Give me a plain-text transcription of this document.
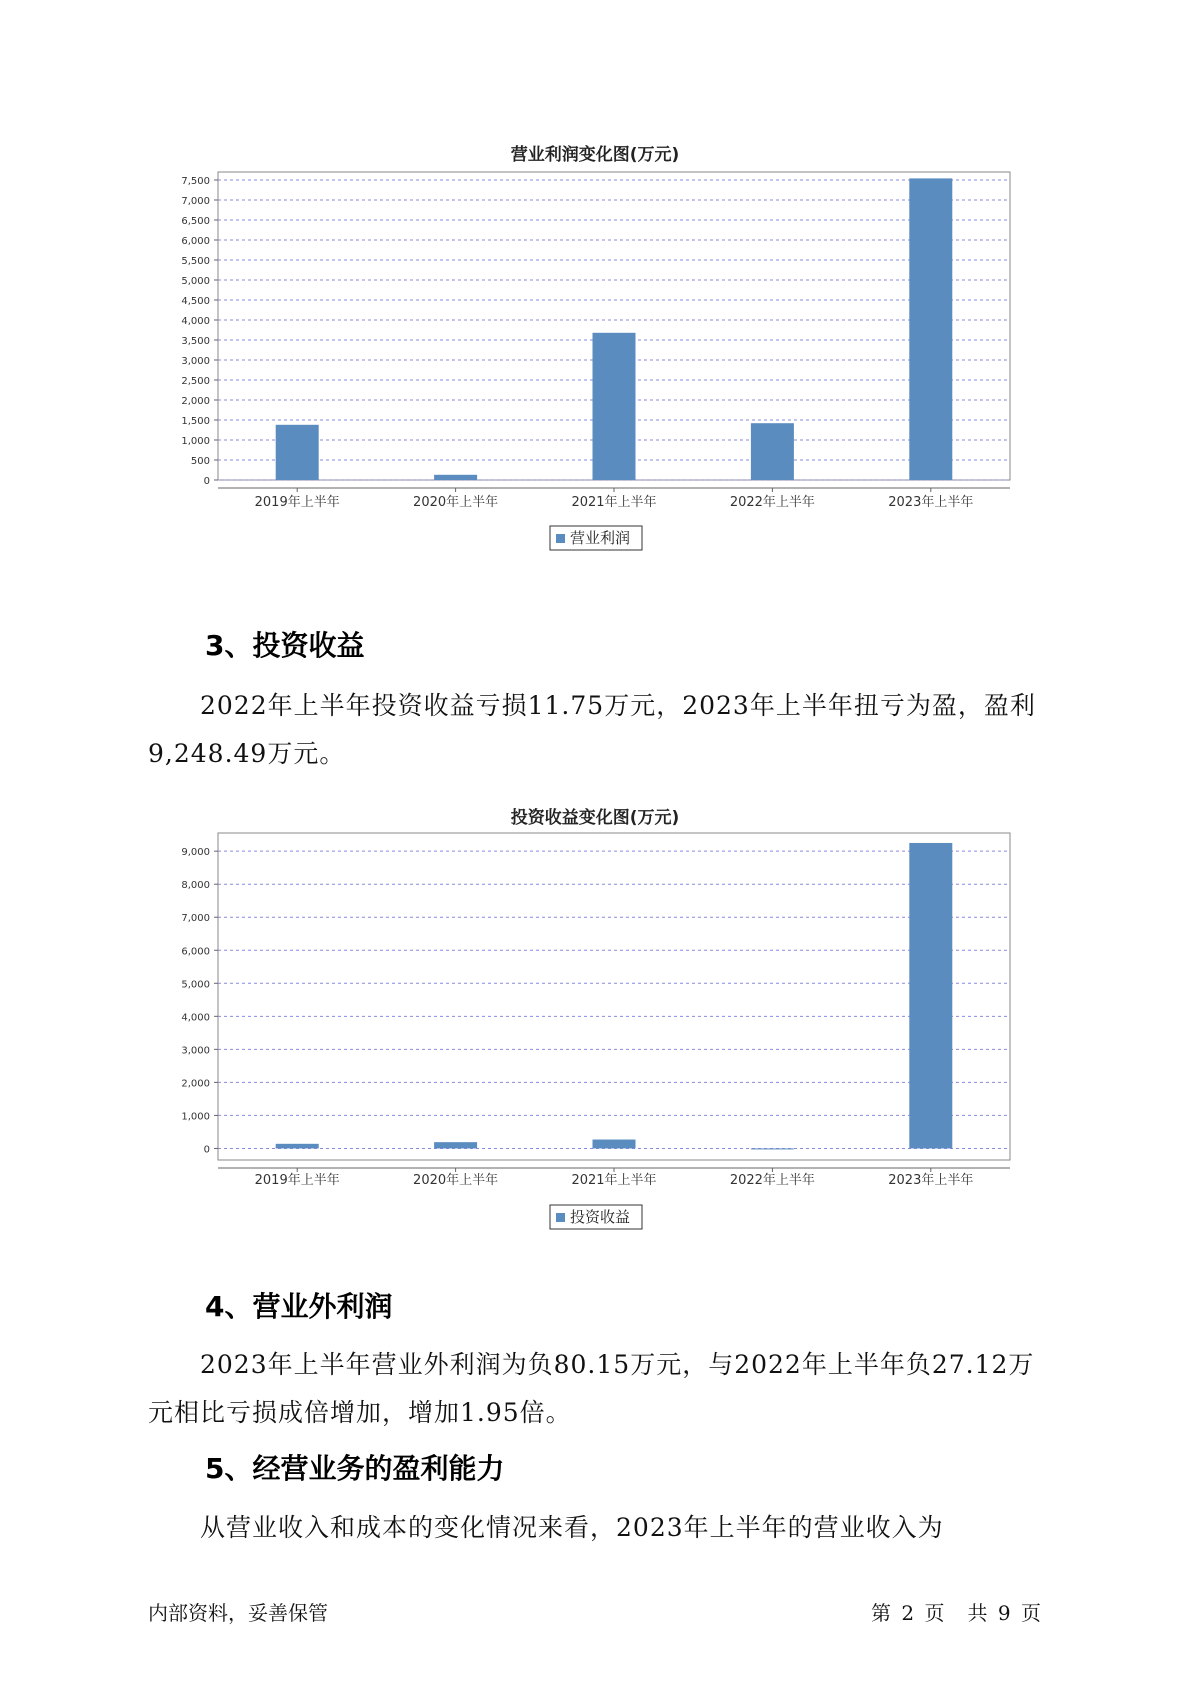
营业利润变化图(万元)
0
500
1,000
1,500
2,000
2,500
3,000
3,500
4,000
4,500
5,000
5,500
6,000
6,500
7,000
7,500
2019年上半年	2020年上半年	2021年上半年	2022年上半年	2023年上半年
营业利润
3、投资收益

2022年上半年投资收益亏损11.75万元，2023年上半年扭亏为盈，盈利

9,248.49万元。

投资收益变化图(万元)
0
1,000
2,000
3,000
4,000
5,000
6,000
7,000
8,000
9,000
2019年上半年	2020年上半年	2021年上半年	2022年上半年	2023年上半年
投资收益
4、营业外利润

2023年上半年营业外利润为负80.15万元，与2022年上半年负27.12万

元相比亏损成倍增加，增加1.95倍。

5、经营业务的盈利能力

从营业收入和成本的变化情况来看，2023年上半年的营业收入为

内部资料，妥善保管	第 2 页 共 9 页
